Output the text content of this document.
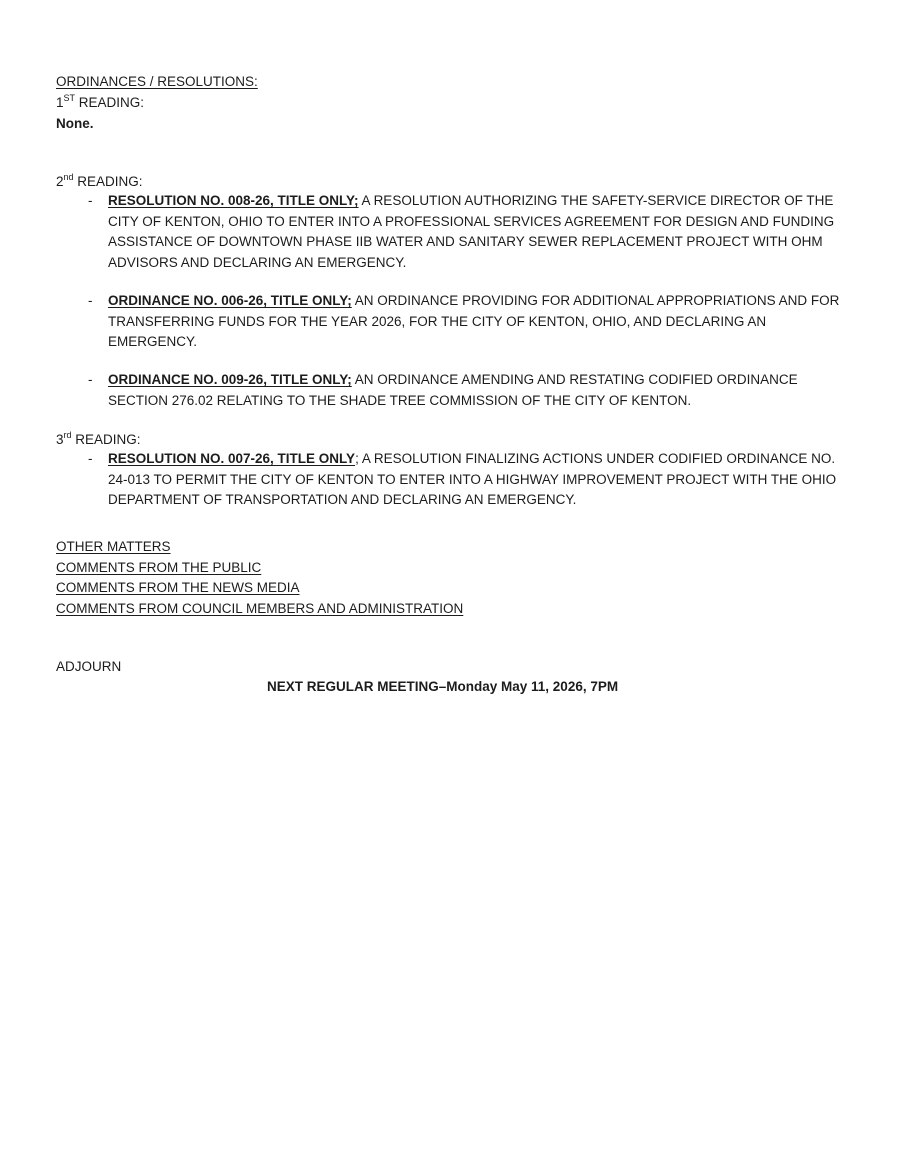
ORDINANCES / RESOLUTIONS:
1ST READING:
None.
2nd READING:
- RESOLUTION NO. 008-26, TITLE ONLY; A RESOLUTION AUTHORIZING THE SAFETY-SERVICE DIRECTOR OF THE CITY OF KENTON, OHIO TO ENTER INTO A PROFESSIONAL SERVICES AGREEMENT FOR DESIGN AND FUNDING ASSISTANCE OF DOWNTOWN PHASE IIB WATER AND SANITARY SEWER REPLACEMENT PROJECT WITH OHM ADVISORS AND DECLARING AN EMERGENCY.
- ORDINANCE NO. 006-26, TITLE ONLY; AN ORDINANCE PROVIDING FOR ADDITIONAL APPROPRIATIONS AND FOR TRANSFERRING FUNDS FOR THE YEAR 2026, FOR THE CITY OF KENTON, OHIO, AND DECLARING AN EMERGENCY.
- ORDINANCE NO. 009-26, TITLE ONLY; AN ORDINANCE AMENDING AND RESTATING CODIFIED ORDINANCE SECTION 276.02 RELATING TO THE SHADE TREE COMMISSION OF THE CITY OF KENTON.
3rd READING:
- RESOLUTION NO. 007-26, TITLE ONLY; A RESOLUTION FINALIZING ACTIONS UNDER CODIFIED ORDINANCE NO. 24-013 TO PERMIT THE CITY OF KENTON TO ENTER INTO A HIGHWAY IMPROVEMENT PROJECT WITH THE OHIO DEPARTMENT OF TRANSPORTATION AND DECLARING AN EMERGENCY.
OTHER MATTERS
COMMENTS FROM THE PUBLIC
COMMENTS FROM THE NEWS MEDIA
COMMENTS FROM COUNCIL MEMBERS AND ADMINISTRATION
ADJOURN
NEXT REGULAR MEETING–Monday May 11, 2026, 7PM
